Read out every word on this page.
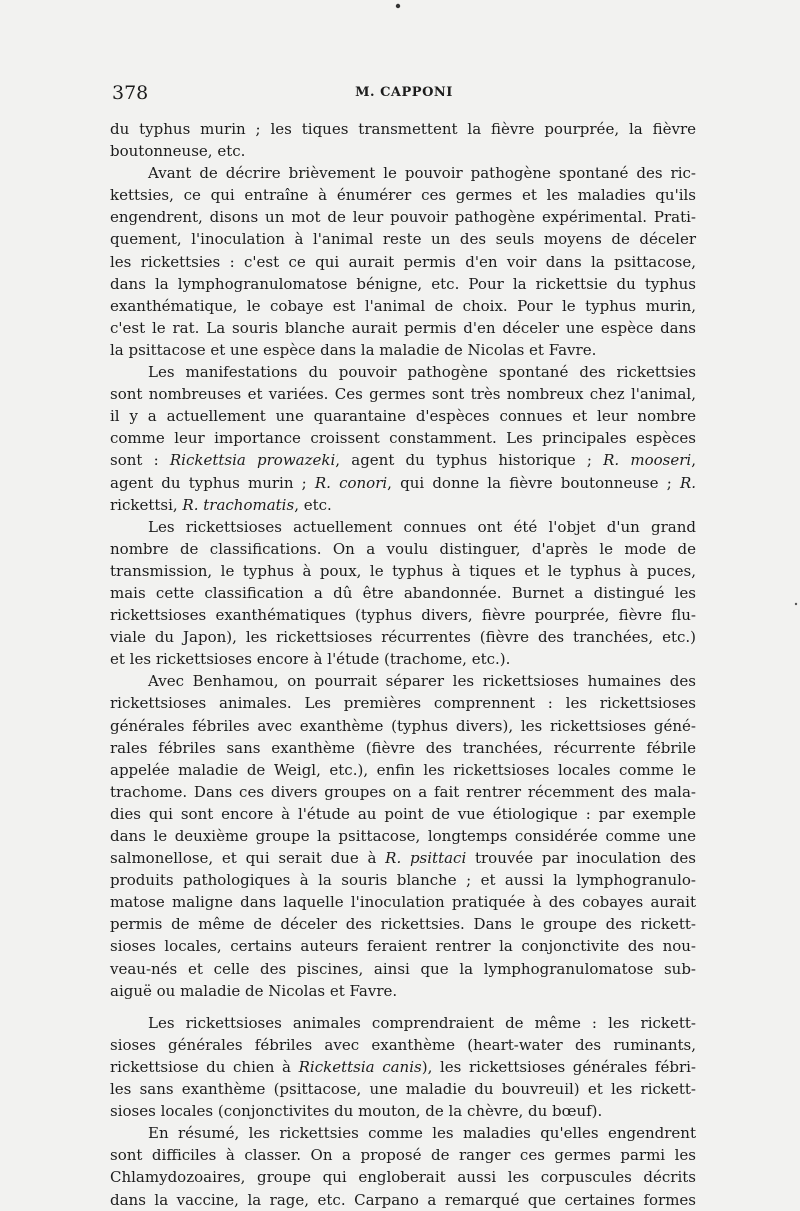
378	M. CAPPONI
du typhus murin ; les tiques transmettent la fièvre pourprée, la fièvre
boutonneuse, etc.
Avant de décrire brièvement le pouvoir pathogène spontané des ric-
kettsies, ce qui entraîne à énumérer ces germes et les maladies qu'ils
engendrent, disons un mot de leur pouvoir pathogène expérimental. Prati-
quement, l'inoculation à l'animal reste un des seuls moyens de déceler
les rickettsies : c'est ce qui aurait permis d'en voir dans la psittacose,
dans la lymphogranulomatose bénigne, etc. Pour la rickettsie du typhus
exanthématique, le cobaye est l'animal de choix. Pour le typhus murin,
c'est le rat. La souris blanche aurait permis d'en déceler une espèce dans
la psittacose et une espèce dans la maladie de Nicolas et Favre.
Les manifestations du pouvoir pathogène spontané des rickettsies
sont nombreuses et variées. Ces germes sont très nombreux chez l'animal,
il y a actuellement une quarantaine d'espèces connues et leur nombre
comme leur importance croissent constamment. Les principales espèces
sont : Rickettsia prowazeki, agent du typhus historique ; R. mooseri,
agent du typhus murin ; R. conori, qui donne la fièvre boutonneuse ; R.
rickettsi, R. trachomatis, etc.
Les rickettsioses actuellement connues ont été l'objet d'un grand
nombre de classifications. On a voulu distinguer, d'après le mode de
transmission, le typhus à poux, le typhus à tiques et le typhus à puces,
mais cette classification a dû être abandonnée. Burnet a distingué les
rickettsioses exanthématiques (typhus divers, fièvre pourprée, fièvre flu-
viale du Japon), les rickettsioses récurrentes (fièvre des tranchées, etc.)
et les rickettsioses encore à l'étude (trachome, etc.).
Avec Benhamou, on pourrait séparer les rickettsioses humaines des
rickettsioses animales. Les premières comprennent : les rickettsioses
générales fébriles avec exanthème (typhus divers), les rickettsioses géné-
rales fébriles sans exanthème (fièvre des tranchées, récurrente fébrile
appelée maladie de Weigl, etc.), enfin les rickettsioses locales comme le
trachome. Dans ces divers groupes on a fait rentrer récemment des mala-
dies qui sont encore à l'étude au point de vue étiologique : par exemple
dans le deuxième groupe la psittacose, longtemps considérée comme une
salmonellose, et qui serait due à R. psittaci trouvée par inoculation des
produits pathologiques à la souris blanche ; et aussi la lymphogranulo-
matose maligne dans laquelle l'inoculation pratiquée à des cobayes aurait
permis de même de déceler des rickettsies. Dans le groupe des rickett-
sioses locales, certains auteurs feraient rentrer la conjonctivite des nou-
veau-nés et celle des piscines, ainsi que la lymphogranulomatose sub-
aiguë ou maladie de Nicolas et Favre.
Les rickettsioses animales comprendraient de même : les rickett-
sioses générales fébriles avec exanthème (heart-water des ruminants,
rickettsiose du chien à Rickettsia canis), les rickettsioses générales fébri-
les sans exanthème (psittacose, une maladie du bouvreuil) et les rickett-
sioses locales (conjonctivites du mouton, de la chèvre, du bœuf).
En résumé, les rickettsies comme les maladies qu'elles engendrent
sont difficiles à classer. On a proposé de ranger ces germes parmi les
Chlamydozoaires, groupe qui engloberait aussi les corpuscules décrits
dans la vaccine, la rage, etc. Carpano a remarqué que certaines formes
